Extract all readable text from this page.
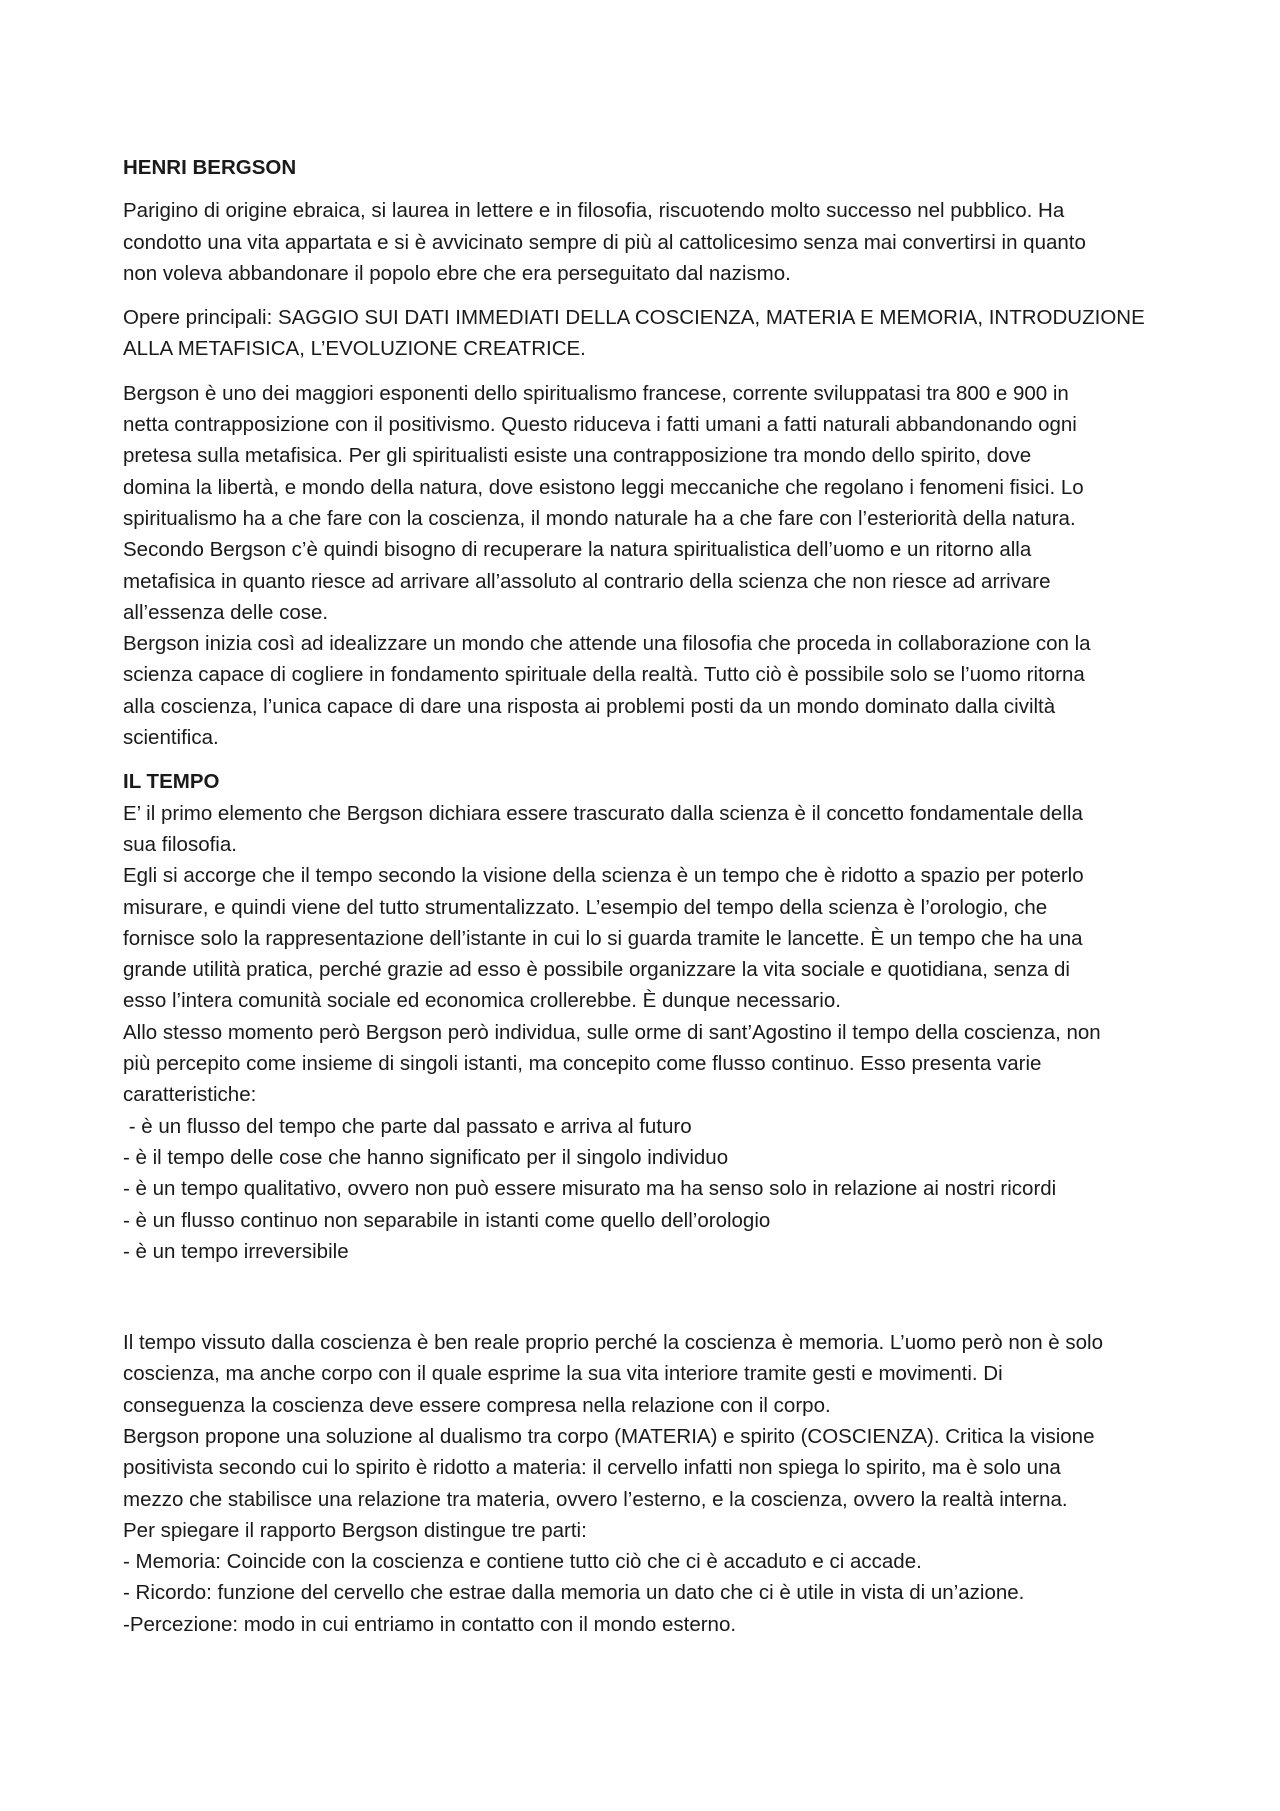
HENRI BERGSON

Parigino di origine ebraica, si laurea in lettere e in filosofia, riscuotendo molto successo nel pubblico. Ha
condotto una vita appartata e si è avvicinato sempre di più al cattolicesimo senza mai convertirsi in quanto
non voleva abbandonare il popolo ebre che era perseguitato dal nazismo.

Opere principali: SAGGIO SUI DATI IMMEDIATI DELLA COSCIENZA, MATERIA E MEMORIA, INTRODUZIONE
ALLA METAFISICA, L’EVOLUZIONE CREATRICE.

Bergson è uno dei maggiori esponenti dello spiritualismo francese, corrente sviluppatasi tra 800 e 900 in
netta contrapposizione con il positivismo. Questo riduceva i fatti umani a fatti naturali abbandonando ogni
pretesa sulla metafisica. Per gli spiritualisti esiste una contrapposizione tra mondo dello spirito, dove
domina la libertà, e mondo della natura, dove esistono leggi meccaniche che regolano i fenomeni fisici. Lo
spiritualismo ha a che fare con la coscienza, il mondo naturale ha a che fare con l’esteriorità della natura.
Secondo Bergson c’è quindi bisogno di recuperare la natura spiritualistica dell’uomo e un ritorno alla
metafisica in quanto riesce ad arrivare all’assoluto al contrario della scienza che non riesce ad arrivare
all’essenza delle cose.
Bergson inizia così ad idealizzare un mondo che attende una filosofia che proceda in collaborazione con la
scienza capace di cogliere in fondamento spirituale della realtà. Tutto ciò è possibile solo se l’uomo ritorna
alla coscienza, l’unica capace di dare una risposta ai problemi posti da un mondo dominato dalla civiltà
scientifica.

IL TEMPO

E’ il primo elemento che Bergson dichiara essere trascurato dalla scienza è il concetto fondamentale della
sua filosofia.
Egli si accorge che il tempo secondo la visione della scienza è un tempo che è ridotto a spazio per poterlo
misurare, e quindi viene del tutto strumentalizzato. L’esempio del tempo della scienza è l’orologio, che
fornisce solo la rappresentazione dell’istante in cui lo si guarda tramite le lancette. È un tempo che ha una
grande utilità pratica, perché grazie ad esso è possibile organizzare la vita sociale e quotidiana, senza di
esso l’intera comunità sociale ed economica crollerebbe. È dunque necessario.
Allo stesso momento però Bergson però individua, sulle orme di sant’Agostino il tempo della coscienza, non
più percepito come insieme di singoli istanti, ma concepito come flusso continuo. Esso presenta varie
caratteristiche:

- è un flusso del tempo che parte dal passato e arriva al futuro
- è il tempo delle cose che hanno significato per il singolo individuo
- è un tempo qualitativo, ovvero non può essere misurato ma ha senso solo in relazione ai nostri ricordi
- è un flusso continuo non separabile in istanti come quello dell’orologio
- è un tempo irreversibile

Il tempo vissuto dalla coscienza è ben reale proprio perché la coscienza è memoria. L’uomo però non è solo
coscienza, ma anche corpo con il quale esprime la sua vita interiore tramite gesti e movimenti. Di
conseguenza la coscienza deve essere compresa nella relazione con il corpo.
Bergson propone una soluzione al dualismo tra corpo (MATERIA) e spirito (COSCIENZA). Critica la visione
positivista secondo cui lo spirito è ridotto a materia: il cervello infatti non spiega lo spirito, ma è solo una
mezzo che stabilisce una relazione tra materia, ovvero l’esterno, e la coscienza, ovvero la realtà interna.
Per spiegare il rapporto Bergson distingue tre parti:

- Memoria: Coincide con la coscienza e contiene tutto ciò che ci è accaduto e ci accade.
- Ricordo: funzione del cervello che estrae dalla memoria un dato che ci è utile in vista di un’azione.
-Percezione: modo in cui entriamo in contatto con il mondo esterno.
